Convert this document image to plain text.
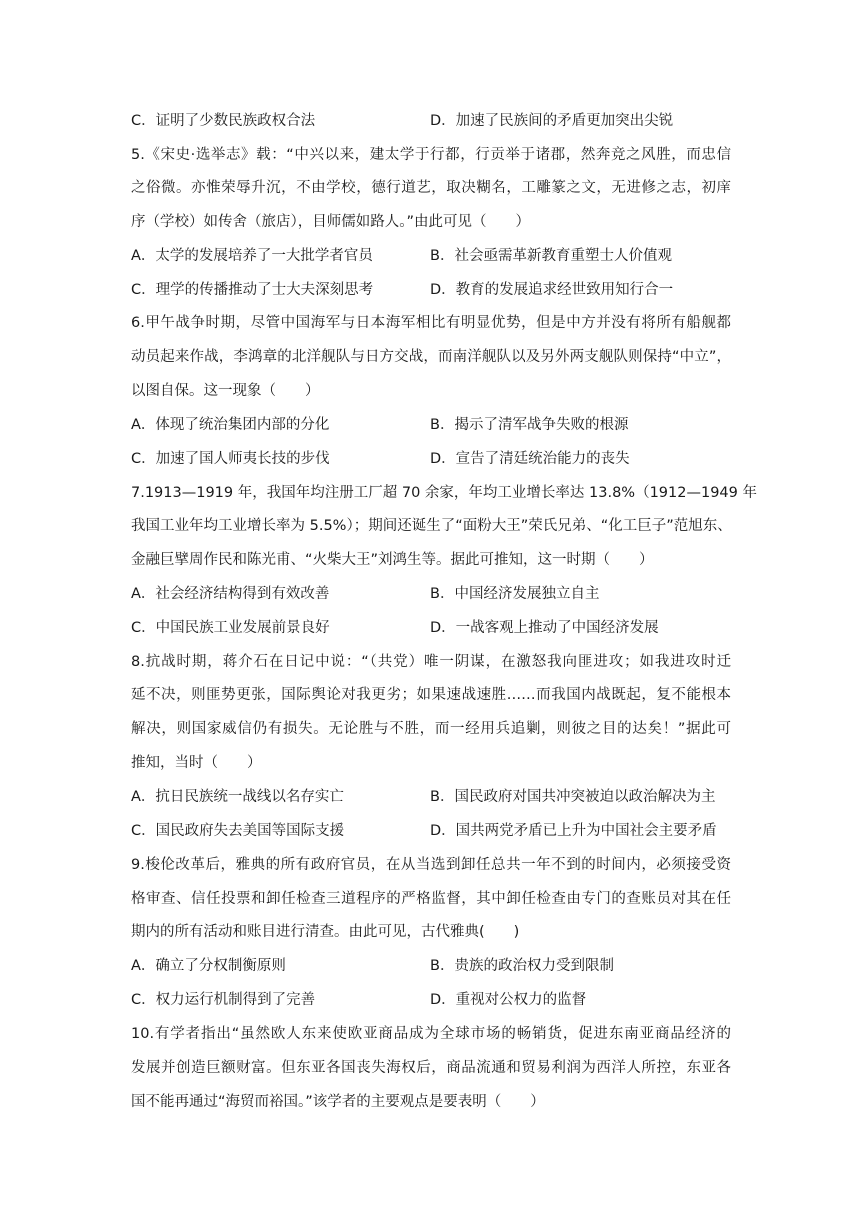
C．证明了少数民族政权合法	D．加速了民族间的矛盾更加突出尖锐
5.《宋史·选举志》载：“中兴以来，建太学于行都，行贡举于诸郡，然奔竞之风胜，而忠信
之俗微。亦惟荣辱升沉，不由学校，德行道艺，取决糊名，工雕篆之文，无进修之志，初庠
序（学校）如传舍（旅店），目师儒如路人。”由此可见（　　）
A．太学的发展培养了一大批学者官员	B．社会亟需革新教育重塑士人价值观
C．理学的传播推动了士大夫深刻思考	D．教育的发展追求经世致用知行合一
6.甲午战争时期，尽管中国海军与日本海军相比有明显优势，但是中方并没有将所有船舰都
动员起来作战，李鸿章的北洋舰队与日方交战，而南洋舰队以及另外两支舰队则保持“中立”，
以图自保。这一现象（　　）
A．体现了统治集团内部的分化	B．揭示了清军战争失败的根源
C．加速了国人师夷长技的步伐	D．宣告了清廷统治能力的丧失
7.1913—1919 年，我国年均注册工厂超 70 余家，年均工业增长率达 13.8%（1912—1949 年
我国工业年均工业增长率为 5.5%）；期间还诞生了“面粉大王”荣氏兄弟、“化工巨子”范旭东、
金融巨擘周作民和陈光甫、“火柴大王”刘鸿生等。据此可推知，这一时期（　　）
A．社会经济结构得到有效改善	B．中国经济发展独立自主
C．中国民族工业发展前景良好	D．一战客观上推动了中国经济发展
8.抗战时期，蒋介石在日记中说：“（共党）唯一阴谋，在激怒我向匪进攻；如我进攻时迁
延不决，则匪势更张，国际舆论对我更劣；如果速战速胜……而我国内战既起，复不能根本
解决，则国家威信仍有损失。无论胜与不胜，而一经用兵追剿，则彼之目的达矣！”据此可
推知，当时（　　）
A．抗日民族统一战线以名存实亡	B．国民政府对国共冲突被迫以政治解决为主
C．国民政府失去美国等国际支援	D．国共两党矛盾已上升为中国社会主要矛盾
9.梭伦改革后，雅典的所有政府官员，在从当选到卸任总共一年不到的时间内，必须接受资
格审查、信任投票和卸任检查三道程序的严格监督，其中卸任检查由专门的查账员对其在任
期内的所有活动和账目进行清查。由此可见，古代雅典(　　)
A．确立了分权制衡原则	B．贵族的政治权力受到限制
C．权力运行机制得到了完善	D．重视对公权力的监督
10.有学者指出“虽然欧人东来使欧亚商品成为全球市场的畅销货，促进东南亚商品经济的
发展并创造巨额财富。但东亚各国丧失海权后，商品流通和贸易利润为西洋人所控，东亚各
国不能再通过“海贸而裕国。”该学者的主要观点是要表明（　　）
